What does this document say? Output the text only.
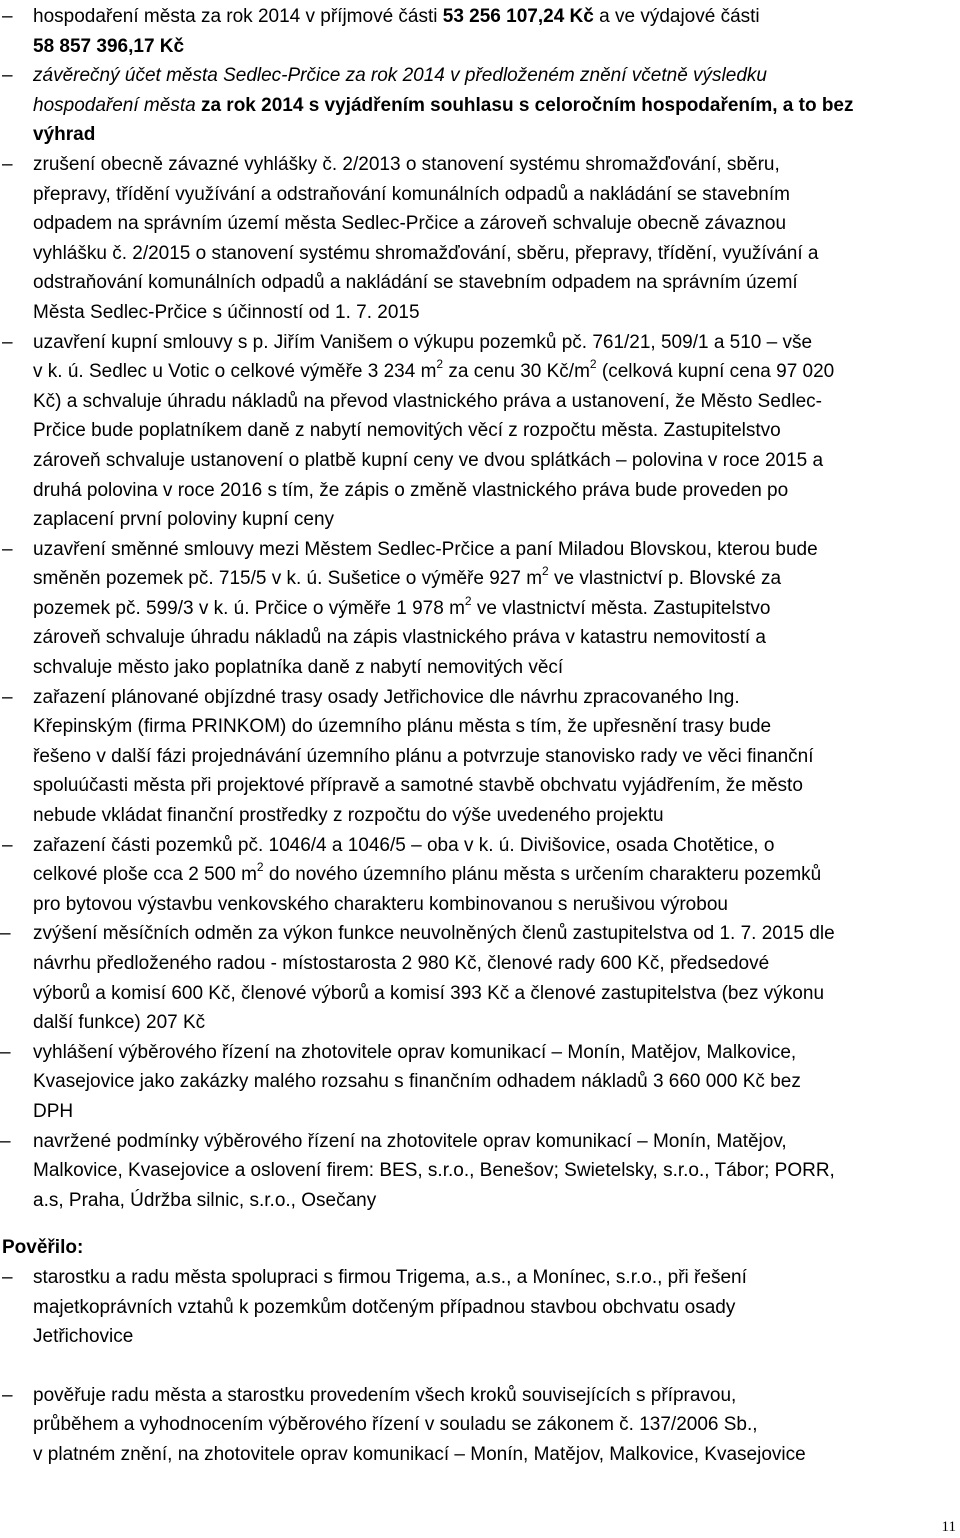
–	hospodaření města za rok 2014 v příjmové části 53 256 107,24 Kč a ve výdajové části
58 857 396,17 Kč
–	závěrečný účet města Sedlec-Prčice za rok 2014 v předloženém znění včetně výsledku
hospodaření města za rok 2014 s vyjádřením souhlasu s celoročním hospodařením, a to bez
výhrad
–	zrušení obecně závazné vyhlášky č. 2/2013 o stanovení systému shromažďování, sběru,
přepravy, třídění využívání a odstraňování komunálních odpadů a nakládání se stavebním
odpadem na správním území města Sedlec-Prčice a zároveň schvaluje obecně závaznou
vyhlášku č. 2/2015 o stanovení systému shromažďování, sběru, přepravy, třídění, využívání a
odstraňování komunálních odpadů a nakládání se stavebním odpadem na správním území
Města Sedlec-Prčice s účinností od 1. 7. 2015
–	uzavření kupní smlouvy s p. Jiřím Vanišem o výkupu pozemků pč. 761/21, 509/1 a 510 – vše
v k. ú. Sedlec u Votic o celkové výměře 3 234 $m^2$ za cenu 30 $Kč/m^2$ (celková kupní cena 97 020
Kč) a schvaluje úhradu nákladů na převod vlastnického práva a ustanovení, že Město Sedlec-
Prčice bude poplatníkem daně z nabytí nemovitých věcí z rozpočtu města. Zastupitelstvo
zároveň schvaluje ustanovení o platbě kupní ceny ve dvou splátkách – polovina v roce 2015 a
druhá polovina v roce 2016 s tím, že zápis o změně vlastnického práva bude proveden po
zaplacení první poloviny kupní ceny
–	uzavření směnné smlouvy mezi Městem Sedlec-Prčice a paní Miladou Blovskou, kterou bude
směněn pozemek pč. 715/5 v k. ú. Sušetice o výměře 927 $m^2$ ve vlastnictví p. Blovské za
pozemek pč. 599/3 v k. ú. Prčice o výměře 1 978 $m^2$ ve vlastnictví města. Zastupitelstvo
zároveň schvaluje úhradu nákladů na zápis vlastnického práva v katastru nemovitostí a
schvaluje město jako poplatníka daně z nabytí nemovitých věcí
–	zařazení plánované objízdné trasy osady Jetřichovice dle návrhu zpracovaného Ing.
Křepinským (firma PRINKOM) do územního plánu města s tím, že upřesnění trasy bude
řešeno v další fázi projednávání územního plánu a potvrzuje stanovisko rady ve věci finanční
spoluúčasti města při projektové přípravě a samotné stavbě obchvatu vyjádřením, že město
nebude vkládat finanční prostředky z rozpočtu do výše uvedeného projektu
–	zařazení části pozemků pč. 1046/4 a 1046/5 – oba v k. ú. Divišovice, osada Chotětice, o
celkové ploše cca 2 500 $m^2$ do nového územního plánu města s určením charakteru pozemků
pro bytovou výstavbu venkovského charakteru kombinovanou s nerušivou výrobou
–	zvýšení měsíčních odměn za výkon funkce neuvolněných členů zastupitelstva od 1. 7. 2015 dle
návrhu předloženého radou - místostarosta 2 980 Kč, členové rady 600 Kč, předsedové
výborů a komisí 600 Kč, členové výborů a komisí 393 Kč a členové zastupitelstva (bez výkonu
další funkce) 207 Kč
–	vyhlášení výběrového řízení na zhotovitele oprav komunikací – Monín, Matějov, Malkovice,
Kvasejovice jako zakázky malého rozsahu s finančním odhadem nákladů 3 660 000 Kč bez
DPH
–	navržené podmínky výběrového řízení na zhotovitele oprav komunikací – Monín, Matějov,
Malkovice, Kvasejovice a oslovení firem: BES, s.r.o., Benešov; Swietelsky, s.r.o., Tábor; PORR,
a.s, Praha, Údržba silnic, s.r.o., Osečany
Pověřilo:
–	starostku a radu města spolupraci s firmou Trigema, a.s., a Monínec, s.r.o., při řešení
majetkoprávních vztahů k pozemkům dotčeným případnou stavbou obchvatu osady
Jetřichovice
–	pověřuje radu města a starostku provedením všech kroků souvisejících s přípravou,
průběhem a vyhodnocením výběrového řízení v souladu se zákonem č. 137/2006 Sb.,
v platném znění, na zhotovitele oprav komunikací – Monín, Matějov, Malkovice, Kvasejovice
11
